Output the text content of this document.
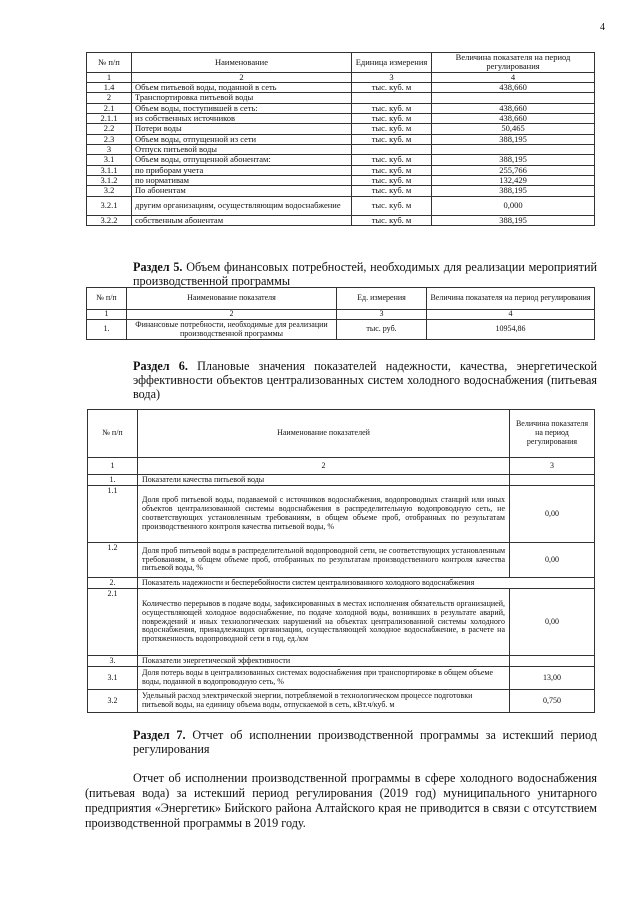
4
№ п/п	Наименование	Единица измерения	Величина показателя на период регулирования
1	2	3	4
1.4	Объем питьевой воды, поданной в сеть	тыс. куб. м	438,660
2	Транспортировка питьевой воды		
2.1	Объем воды, поступившей в сеть:	тыс. куб. м	438,660
2.1.1	из собственных источников	тыс. куб. м	438,660
2.2	Потери воды	тыс. куб. м	50,465
2.3	Объем воды, отпущенной из сети	тыс. куб. м	388,195
3	Отпуск питьевой воды		
3.1	Объем воды, отпущенной абонентам:	тыс. куб. м	388,195
3.1.1	по приборам учета	тыс. куб. м	255,766
3.1.2	по нормативам	тыс. куб. м	132,429
3.2	По абонентам	тыс. куб. м	388,195
3.2.1	другим организациям, осуществляющим водоснабжение	тыс. куб. м	0,000
3.2.2	собственным абонентам	тыс. куб. м	388,195
Раздел 5. Объем финансовых потребностей, необходимых для реализации мероприятий производственной программы
№ п/п	Наименование показателя	Ед. измерения	Величина показателя на период регулирования
1	2	3	4
1.	Финансовые потребности, необходимые для реализации производственной программы	тыс. руб.	10954,86
Раздел 6. Плановые значения показателей надежности, качества, энергетической эффективности объектов централизованных систем холодного водоснабжения (питьевая вода)
№ п/п	Наименование показателей	Величина показателя на период регулирования
1	2	3
1.	Показатели качества питьевой воды	
1.1	Доля проб питьевой воды, подаваемой с источников водоснабжения, водопроводных станций или иных объектов централизованной системы водоснабжения в распределительную водопроводную сеть, не соответствующих установленным требованиям, в общем объеме проб, отобранных по результатам производственного контроля качества питьевой воды, %	0,00
1.2	Доля проб питьевой воды в распределительной водопроводной сети, не соответствующих установленным требованиям, в общем объеме проб, отобранных по результатам производственного контроля качества питьевой воды, %	0,00
2.	Показатель надежности и бесперебойности систем централизованного холодного водоснабжения	
2.1	Количество перерывов в подаче воды, зафиксированных в местах исполнения обязательств организацией, осуществляющей холодное водоснабжение, по подаче холодной воды, возникших в результате аварий, повреждений и иных технологических нарушений на объектах централизованной системы холодного водоснабжения, принадлежащих организации, осуществляющей холодное водоснабжение, в расчете на протяженность водопроводной сети в год, ед./км	0,00
3.	Показатели энергетической эффективности	
3.1	Доля потерь воды в централизованных системах водоснабжения при транспортировке в общем объеме воды, поданной в водопроводную сеть, %	13,00
3.2	Удельный расход электрической энергии, потребляемой в технологическом процессе подготовки питьевой воды, на единицу объема воды, отпускаемой в сеть, кВт.ч/куб. м	0,750
Раздел 7. Отчет об исполнении производственной программы за истекший период регулирования

Отчет об исполнении производственной программы в сфере холодного водоснабжения (питьевая вода) за истекший период регулирования (2019 год) муниципального унитарного предприятия «Энергетик» Бийского района Алтайского края не приводится в связи с отсутствием производственной программы в 2019 году.
